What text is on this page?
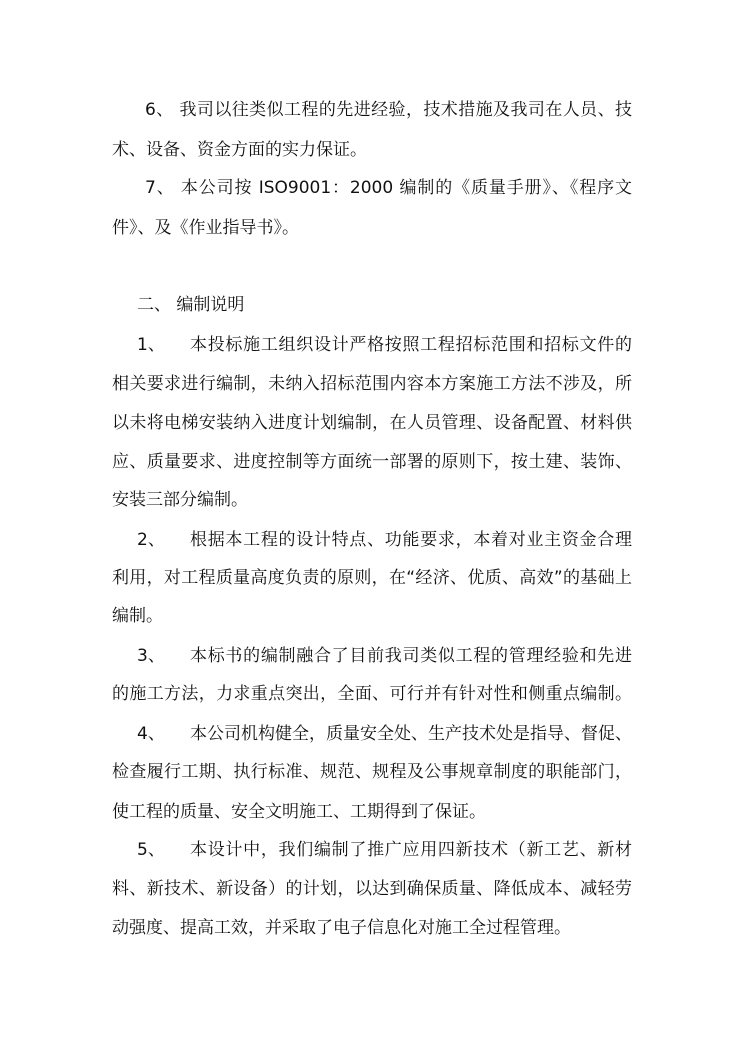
6、 我司以往类似工程的先进经验，技术措施及我司在人员、技
术、设备、资金方面的实力保证。
7、 本公司按 ISO9001：2000 编制的《质量手册》、《程序文
件》、及《作业指导书》。
二、 编制说明
1、 本投标施工组织设计严格按照工程招标范围和招标文件的
相关要求进行编制，未纳入招标范围内容本方案施工方法不涉及，所
以未将电梯安装纳入进度计划编制，在人员管理、设备配置、材料供
应、质量要求、进度控制等方面统一部署的原则下，按土建、装饰、
安装三部分编制。
2、 根据本工程的设计特点、功能要求，本着对业主资金合理
利用，对工程质量高度负责的原则，在“经济、优质、高效”的基础上
编制。
3、 本标书的编制融合了目前我司类似工程的管理经验和先进
的施工方法，力求重点突出，全面、可行并有针对性和侧重点编制。
4、 本公司机构健全，质量安全处、生产技术处是指导、督促、
检查履行工期、执行标准、规范、规程及公事规章制度的职能部门，
使工程的质量、安全文明施工、工期得到了保证。
5、 本设计中，我们编制了推广应用四新技术（新工艺、新材
料、新技术、新设备）的计划，以达到确保质量、降低成本、减轻劳
动强度、提高工效，并采取了电子信息化对施工全过程管理。
